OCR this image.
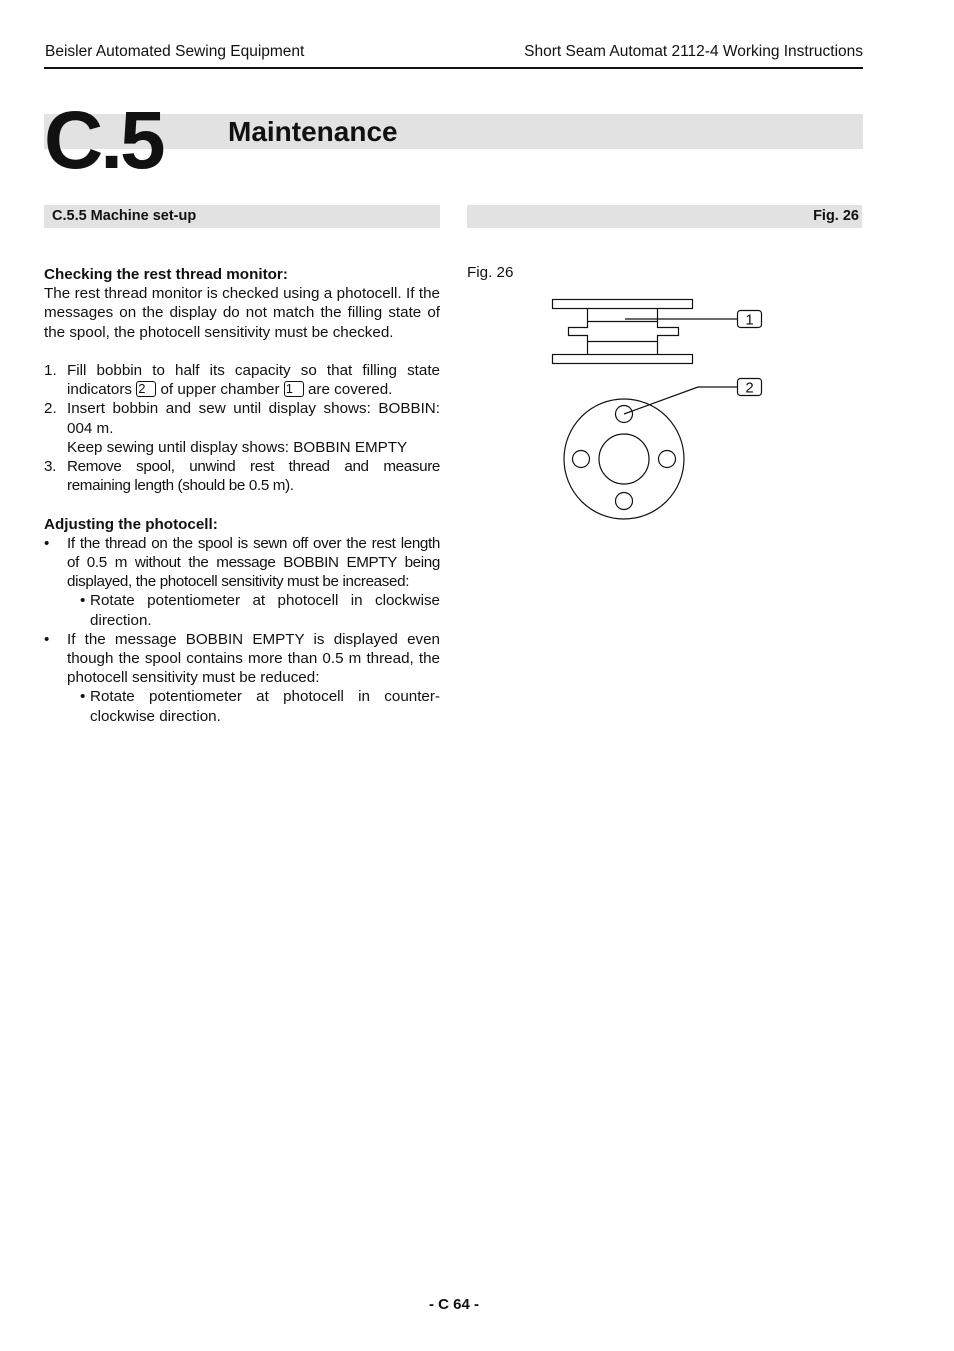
Beisler Automated Sewing Equipment	Short Seam Automat 2112-4 Working Instructions
C.5 Maintenance
C.5.5 Machine set-up	Fig. 26
Checking the rest thread monitor:
The rest thread monitor is checked using a photocell. If the messages on the display do not match the filling state of the spool, the photocell sensitivity must be checked.
1. Fill bobbin to half its capacity so that filling state indicators 2 of upper chamber 1 are covered.
2. Insert bobbin and sew until display shows: BOBBIN: 004 m.
Keep sewing until display shows: BOBBIN EMPTY
3. Remove spool, unwind rest thread and measure remaining length (should be 0.5 m).
Adjusting the photocell:
• If the thread on the spool is sewn off over the rest length of 0.5 m without the message BOBBIN EMPTY being displayed, the photocell sensitivity must be increased:
• Rotate potentiometer at photocell in clockwise direction.
• If the message BOBBIN EMPTY is displayed even though the spool contains more than 0.5 m thread, the photocell sensitivity must be reduced:
• Rotate potentiometer at photocell in counter-clockwise direction.
Fig. 26
1
2
- C 64 -
